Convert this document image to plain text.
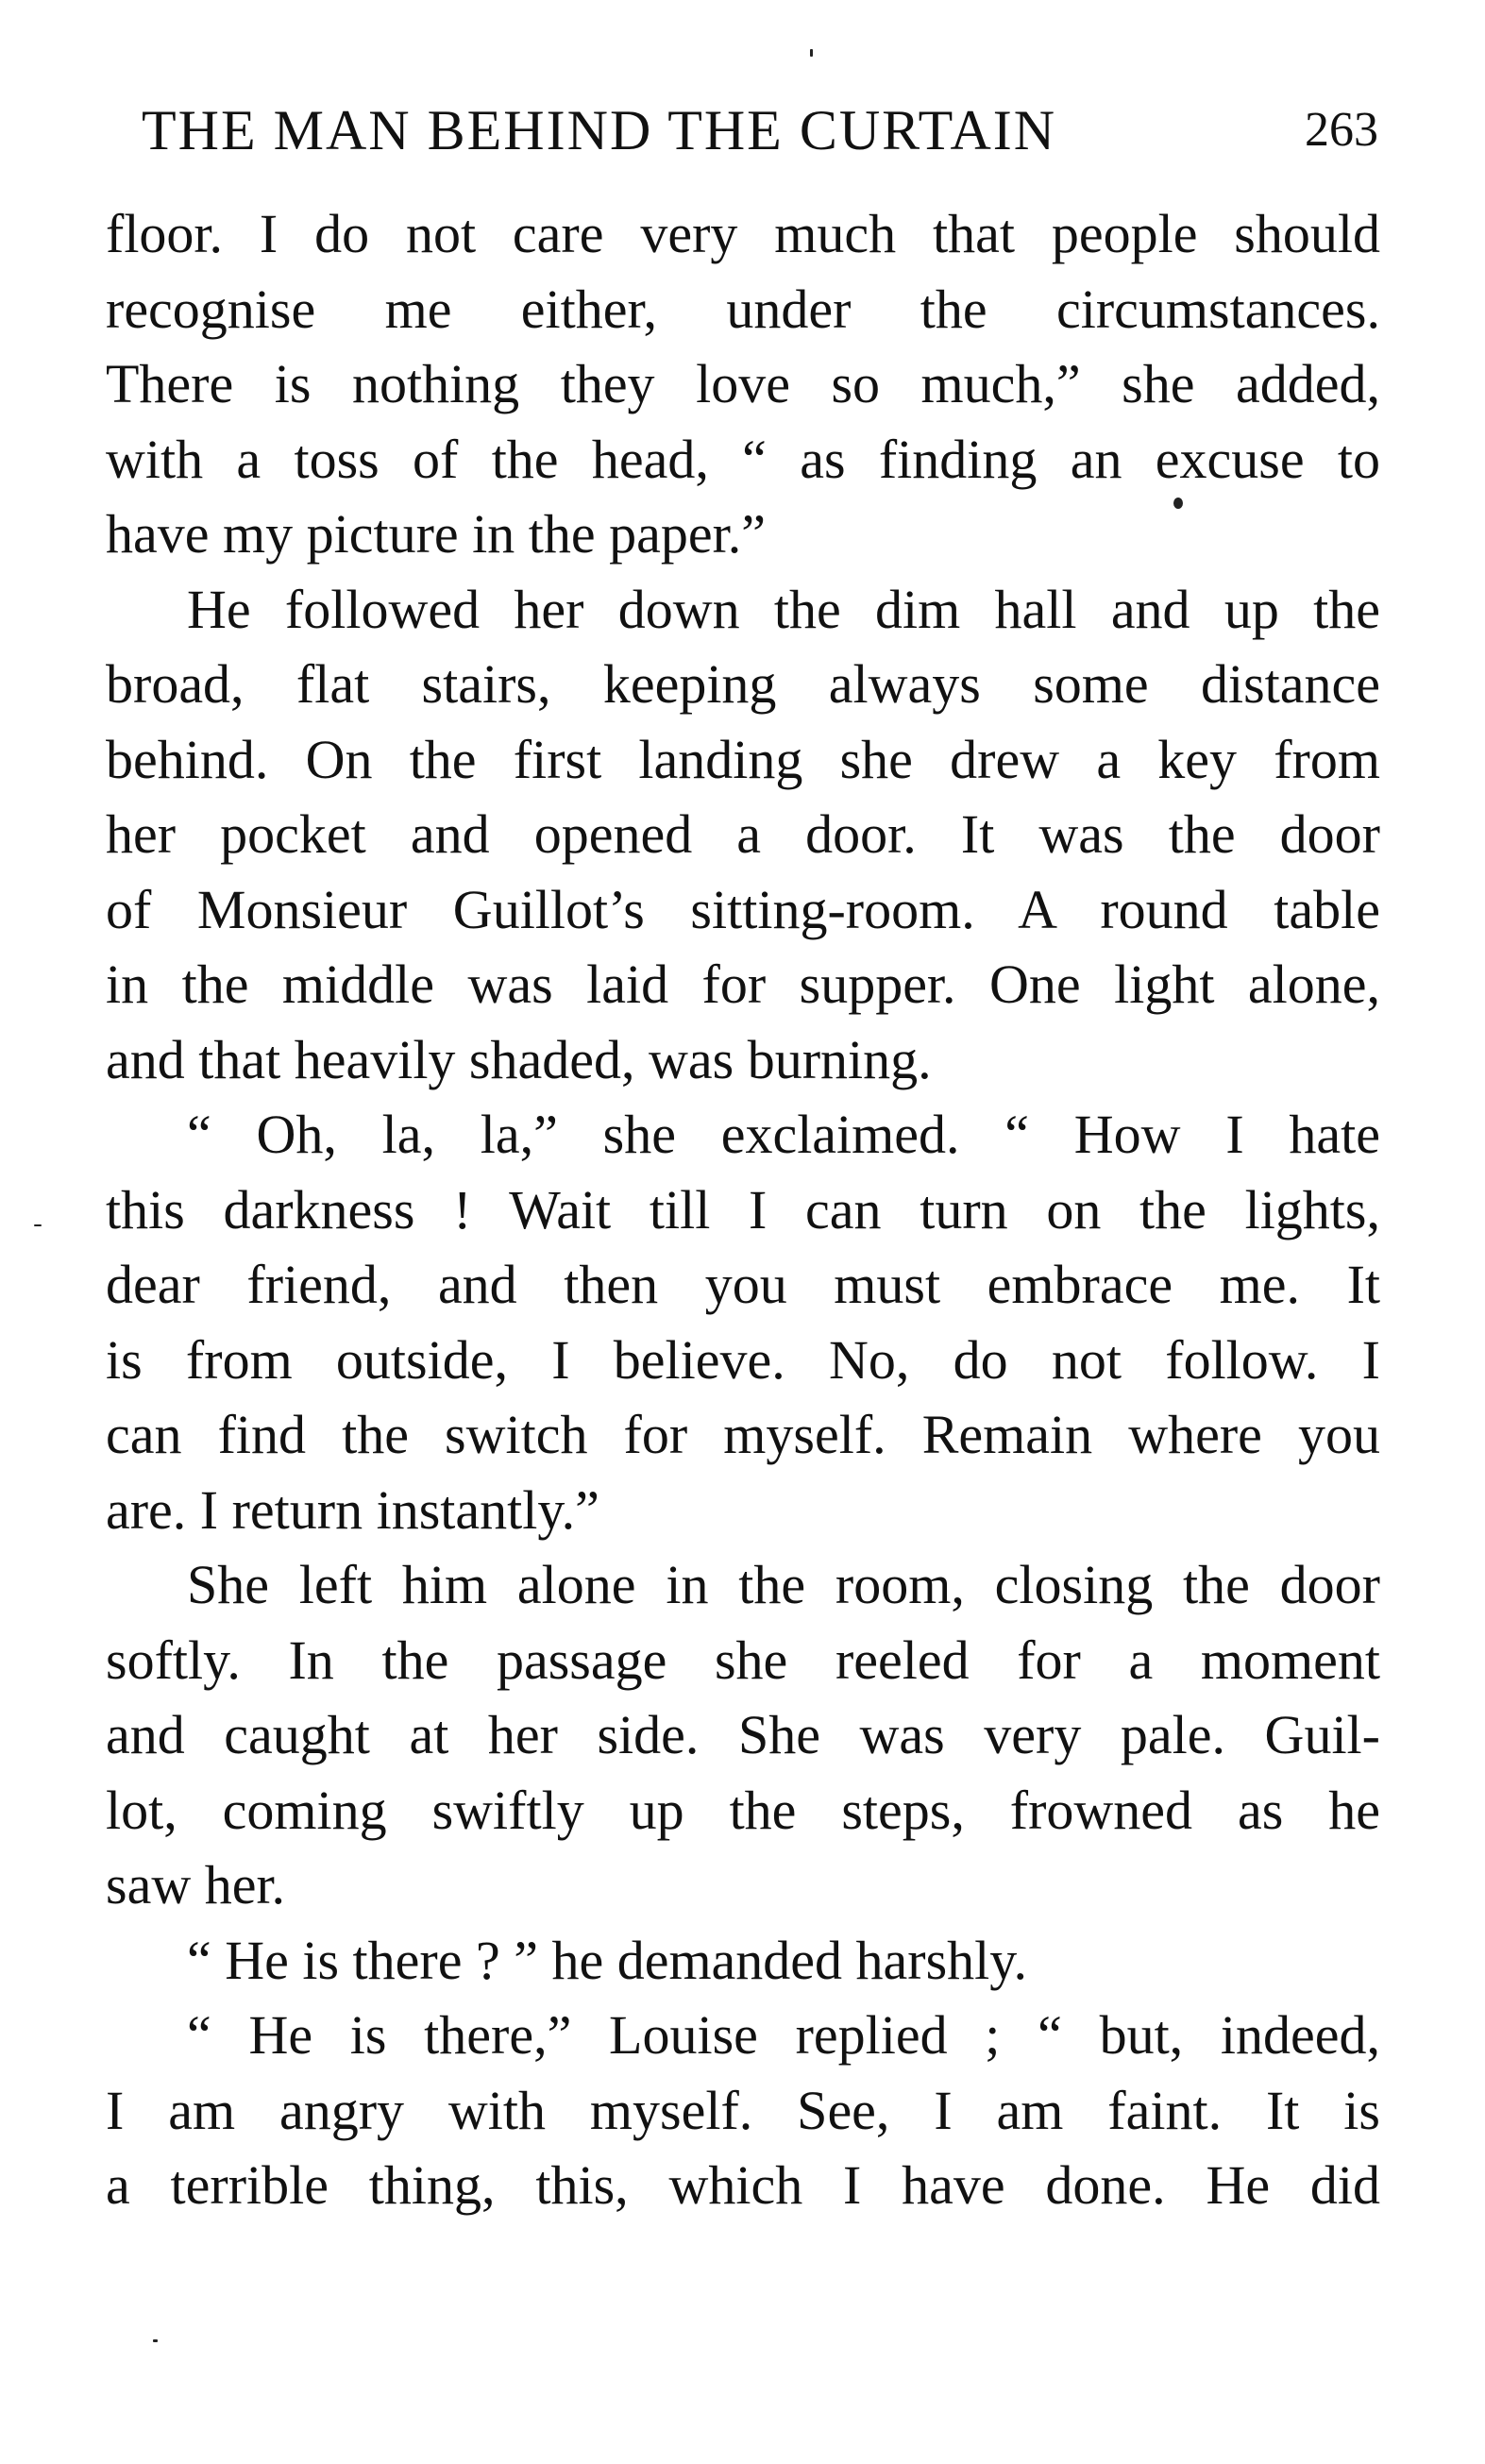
THE MAN BEHIND THE CURTAIN	263

floor. I do not care very much that people should
recognise me either, under the circumstances.
There is nothing they love so much,” she added,
with a toss of the head, “ as finding an excuse to
have my picture in the paper.”

He followed her down the dim hall and up the
broad, flat stairs, keeping always some distance
behind. On the first landing she drew a key from
her pocket and opened a door. It was the door
of Monsieur Guillot’s sitting-room. A round table
in the middle was laid for supper. One light alone,
and that heavily shaded, was burning.

“ Oh, la, la,” she exclaimed. “ How I hate
this darkness ! Wait till I can turn on the lights,
dear friend, and then you must embrace me. It
is from outside, I believe. No, do not follow. I
can find the switch for myself. Remain where you
are. I return instantly.”

She left him alone in the room, closing the door
softly. In the passage she reeled for a moment
and caught at her side. She was very pale. Guil-
lot, coming swiftly up the steps, frowned as he
saw her.

“ He is there ? ” he demanded harshly.

“ He is there,” Louise replied ; “ but, indeed,
I am angry with myself. See, I am faint. It is
a terrible thing, this, which I have done. He did
